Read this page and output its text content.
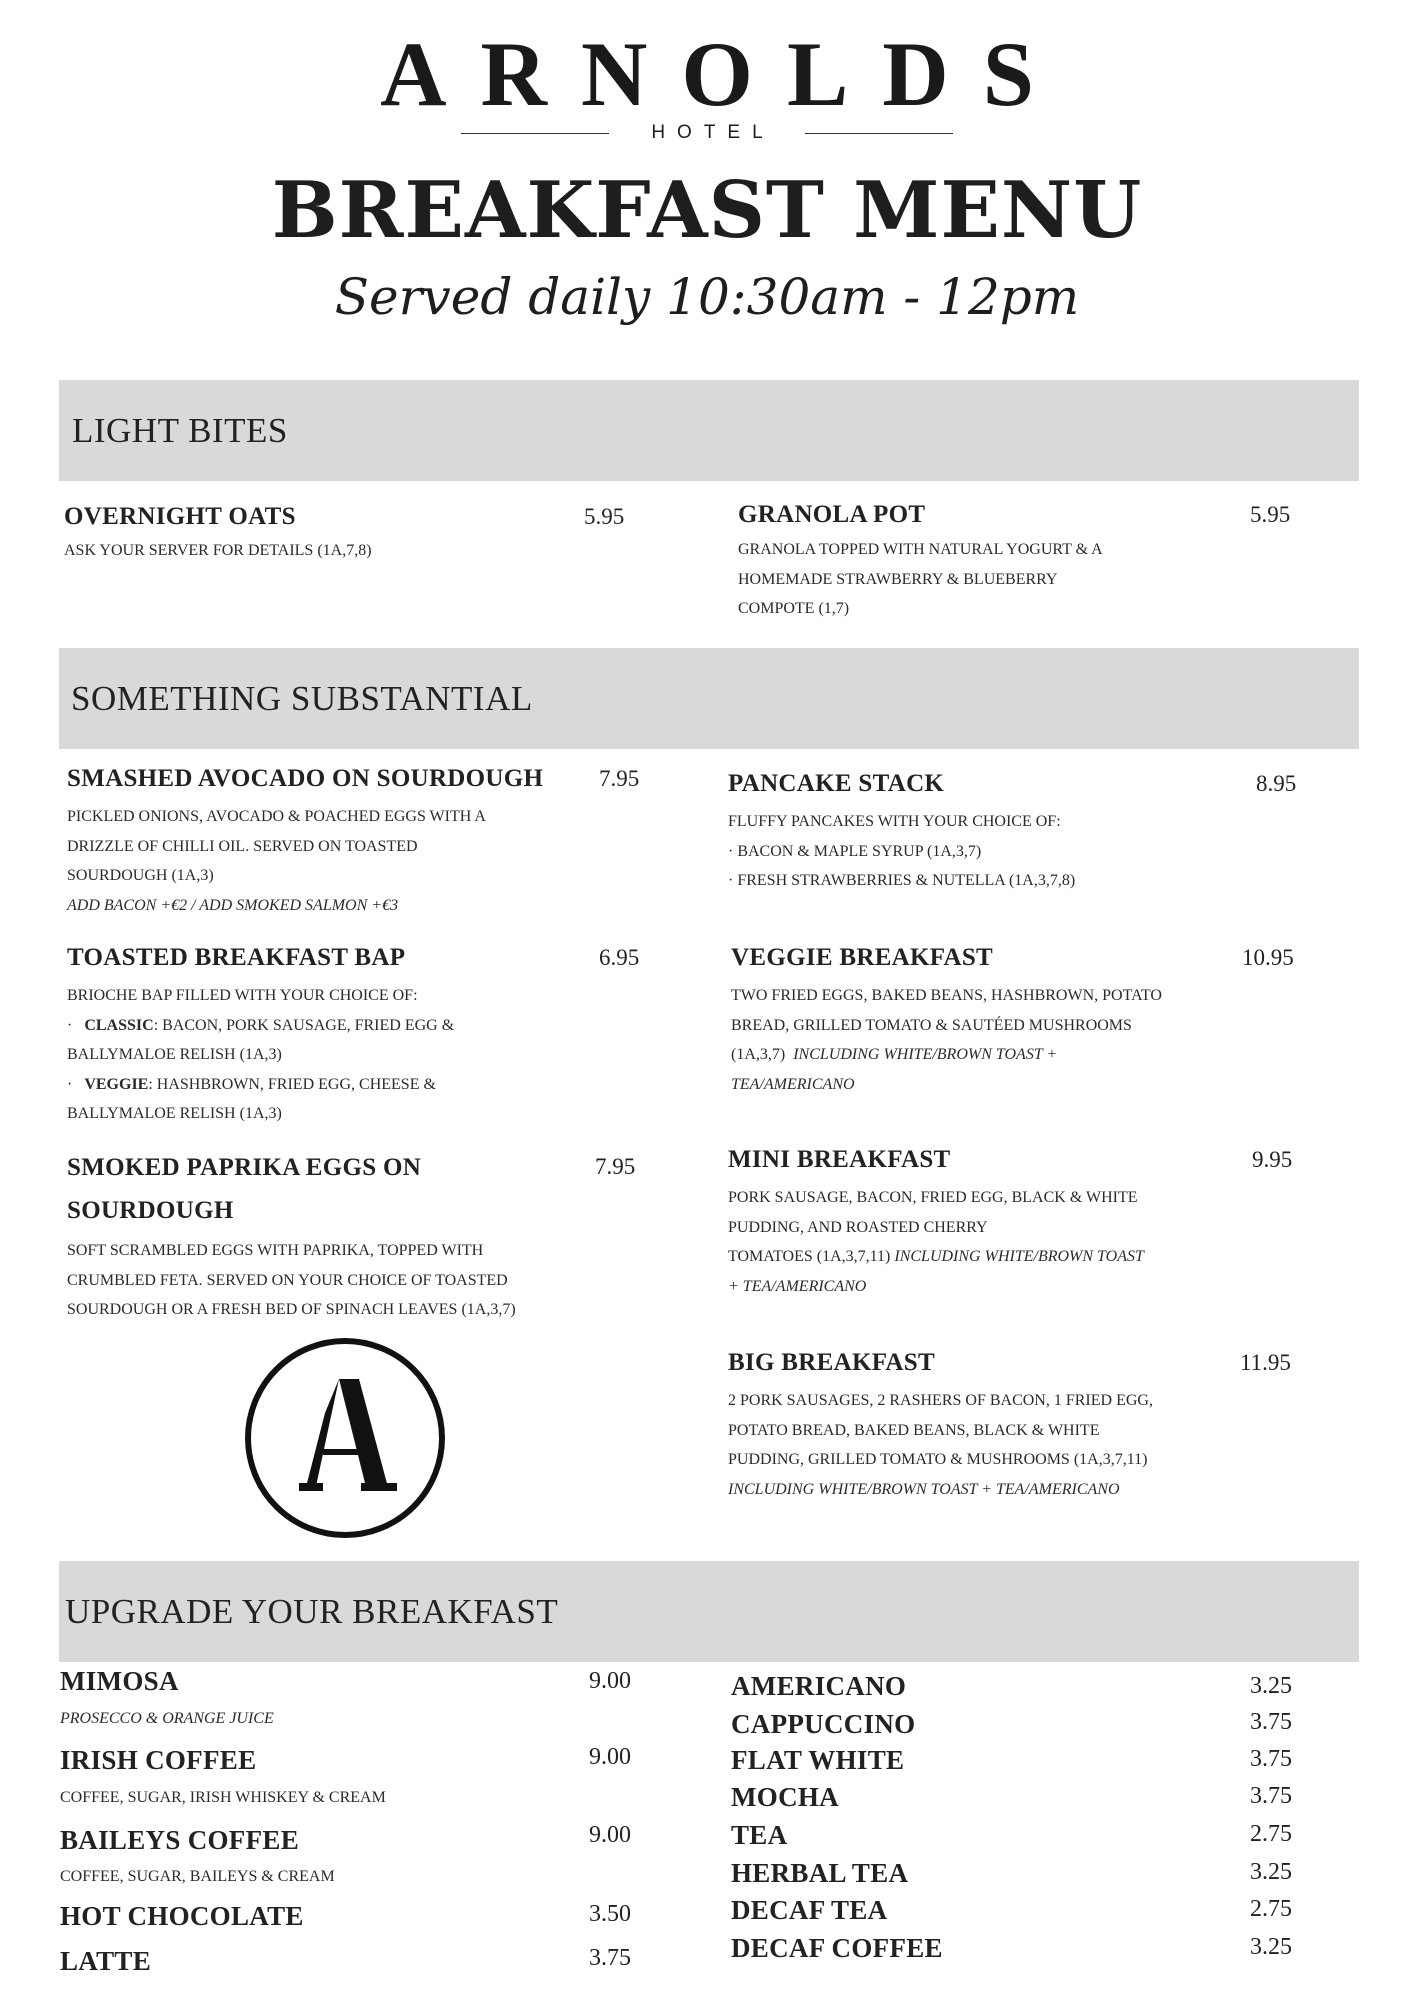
ARNOLDS
HOTEL
BREAKFAST MENU
Served daily 10:30am - 12pm
LIGHT BITES
OVERNIGHT OATS	5.95
ASK YOUR SERVER FOR DETAILS (1A,7,8)
GRANOLA POT	5.95
GRANOLA TOPPED WITH NATURAL YOGURT & A
HOMEMADE STRAWBERRY & BLUEBERRY
COMPOTE (1,7)
SOMETHING SUBSTANTIAL
SMASHED AVOCADO ON SOURDOUGH	7.95
PICKLED ONIONS, AVOCADO & POACHED EGGS WITH A
DRIZZLE OF CHILLI OIL. SERVED ON TOASTED
SOURDOUGH (1A,3)
ADD BACON +€2 / ADD SMOKED SALMON +€3
PANCAKE STACK	8.95
FLUFFY PANCAKES WITH YOUR CHOICE OF:
· BACON & MAPLE SYRUP (1A,3,7)
· FRESH STRAWBERRIES & NUTELLA (1A,3,7,8)
TOASTED BREAKFAST BAP	6.95
BRIOCHE BAP FILLED WITH YOUR CHOICE OF:
·   CLASSIC: BACON, PORK SAUSAGE, FRIED EGG &
BALLYMALOE RELISH (1A,3)
·   VEGGIE: HASHBROWN, FRIED EGG, CHEESE &
BALLYMALOE RELISH (1A,3)
VEGGIE BREAKFAST	10.95
TWO FRIED EGGS, BAKED BEANS, HASHBROWN, POTATO
BREAD, GRILLED TOMATO & SAUTÉED MUSHROOMS
(1A,3,7) INCLUDING WHITE/BROWN TOAST +
TEA/AMERICANO
SMOKED PAPRIKA EGGS ON
SOURDOUGH
7.95
SOFT SCRAMBLED EGGS WITH PAPRIKA, TOPPED WITH
CRUMBLED FETA. SERVED ON YOUR CHOICE OF TOASTED
SOURDOUGH OR A FRESH BED OF SPINACH LEAVES (1A,3,7)
MINI BREAKFAST	9.95
PORK SAUSAGE, BACON, FRIED EGG, BLACK & WHITE
PUDDING, AND ROASTED CHERRY
TOMATOES (1A,3,7,11) INCLUDING WHITE/BROWN TOAST
+ TEA/AMERICANO
BIG BREAKFAST	11.95
2 PORK SAUSAGES, 2 RASHERS OF BACON, 1 FRIED EGG,
POTATO BREAD, BAKED BEANS, BLACK & WHITE
PUDDING, GRILLED TOMATO & MUSHROOMS (1A,3,7,11)
INCLUDING WHITE/BROWN TOAST + TEA/AMERICANO
UPGRADE YOUR BREAKFAST
MIMOSA	9.00
PROSECCO & ORANGE JUICE
IRISH COFFEE	9.00
COFFEE, SUGAR, IRISH WHISKEY & CREAM
BAILEYS COFFEE	9.00
COFFEE, SUGAR, BAILEYS & CREAM
HOT CHOCOLATE	3.50
LATTE	3.75
AMERICANO	3.25
CAPPUCCINO	3.75
FLAT WHITE	3.75
MOCHA	3.75
TEA	2.75
HERBAL TEA	3.25
DECAF TEA	2.75
DECAF COFFEE	3.25
